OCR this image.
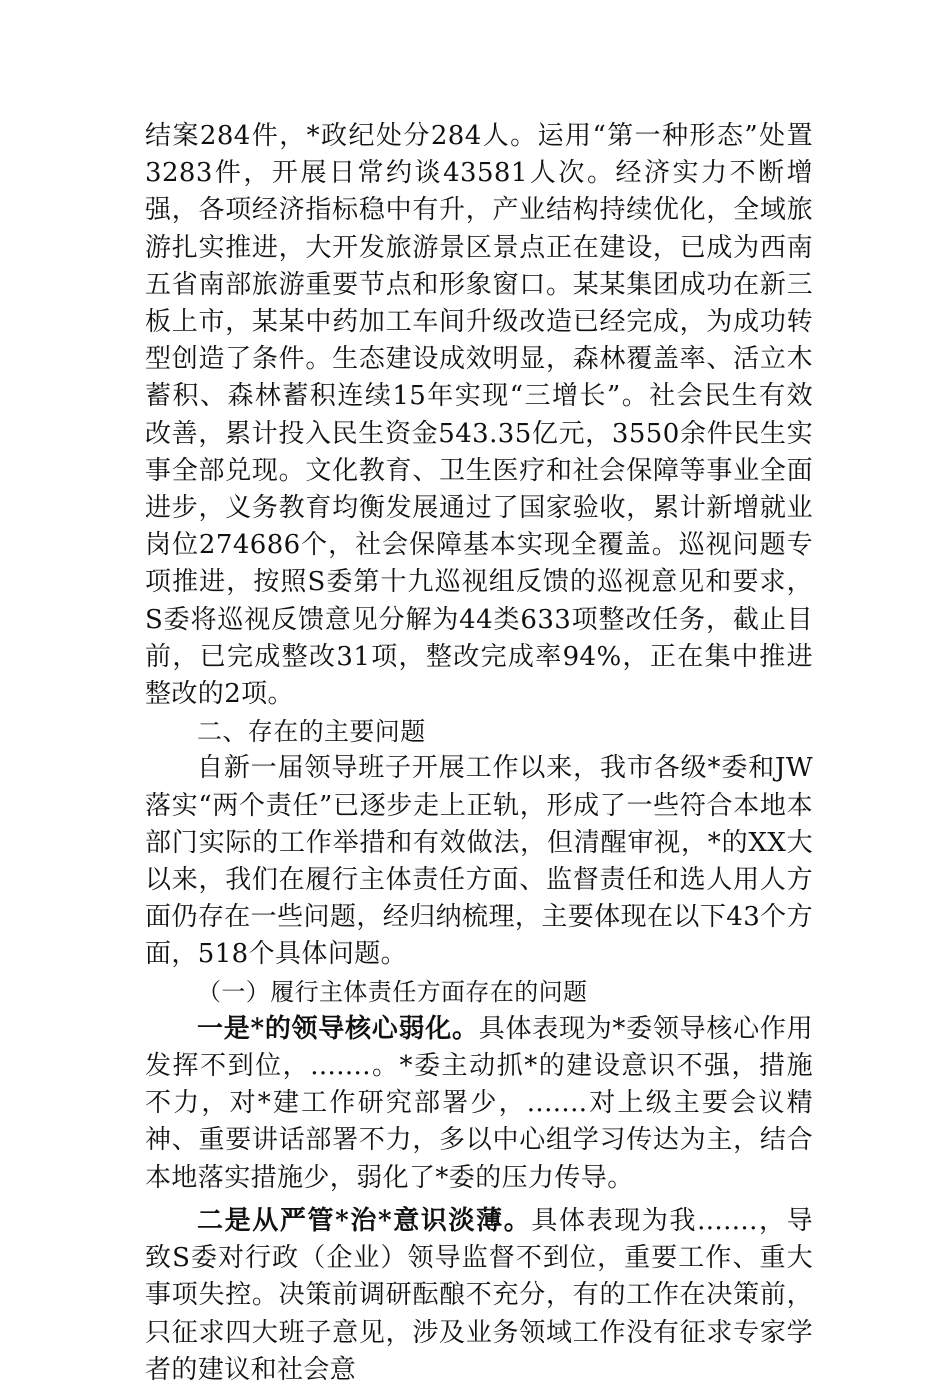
结案284件，*政纪处分284人。运用“第一种形态”处置3283件，开展日常约谈43581人次。经济实力不断增强，各项经济指标稳中有升，产业结构持续优化，全域旅游扎实推进，大开发旅游景区景点正在建设，已成为西南五省南部旅游重要节点和形象窗口。某某集团成功在新三板上市，某某中药加工车间升级改造已经完成，为成功转型创造了条件。生态建设成效明显，森林覆盖率、活立木蓄积、森林蓄积连续15年实现“三增长”。社会民生有效改善，累计投入民生资金543.35亿元，3550余件民生实事全部兑现。文化教育、卫生医疗和社会保障等事业全面进步，义务教育均衡发展通过了国家验收，累计新增就业岗位274686个，社会保障基本实现全覆盖。巡视问题专项推进，按照S委第十九巡视组反馈的巡视意见和要求，S委将巡视反馈意见分解为44类633项整改任务，截止目前，已完成整改31项，整改完成率94%，正在集中推进整改的2项。

二、存在的主要问题

自新一届领导班子开展工作以来，我市各级*委和JW落实“两个责任”已逐步走上正轨，形成了一些符合本地本部门实际的工作举措和有效做法，但清醒审视，*的XX大以来，我们在履行主体责任方面、监督责任和选人用人方面仍存在一些问题，经归纳梳理，主要体现在以下43个方面，518个具体问题。

（一）履行主体责任方面存在的问题

一是*的领导核心弱化。具体表现为*委领导核心作用发挥不到位，.......。*委主动抓*的建设意识不强，措施不力，对*建工作研究部署少，.......对上级主要会议精神、重要讲话部署不力，多以中心组学习传达为主，结合本地落实措施少，弱化了*委的压力传导。

二是从严管*治*意识淡薄。具体表现为我.......，导致S委对行政（企业）领导监督不到位，重要工作、重大事项失控。决策前调研酝酿不充分，有的工作在决策前，只征求四大班子意见，涉及业务领域工作没有征求专家学者的建议和社会意
